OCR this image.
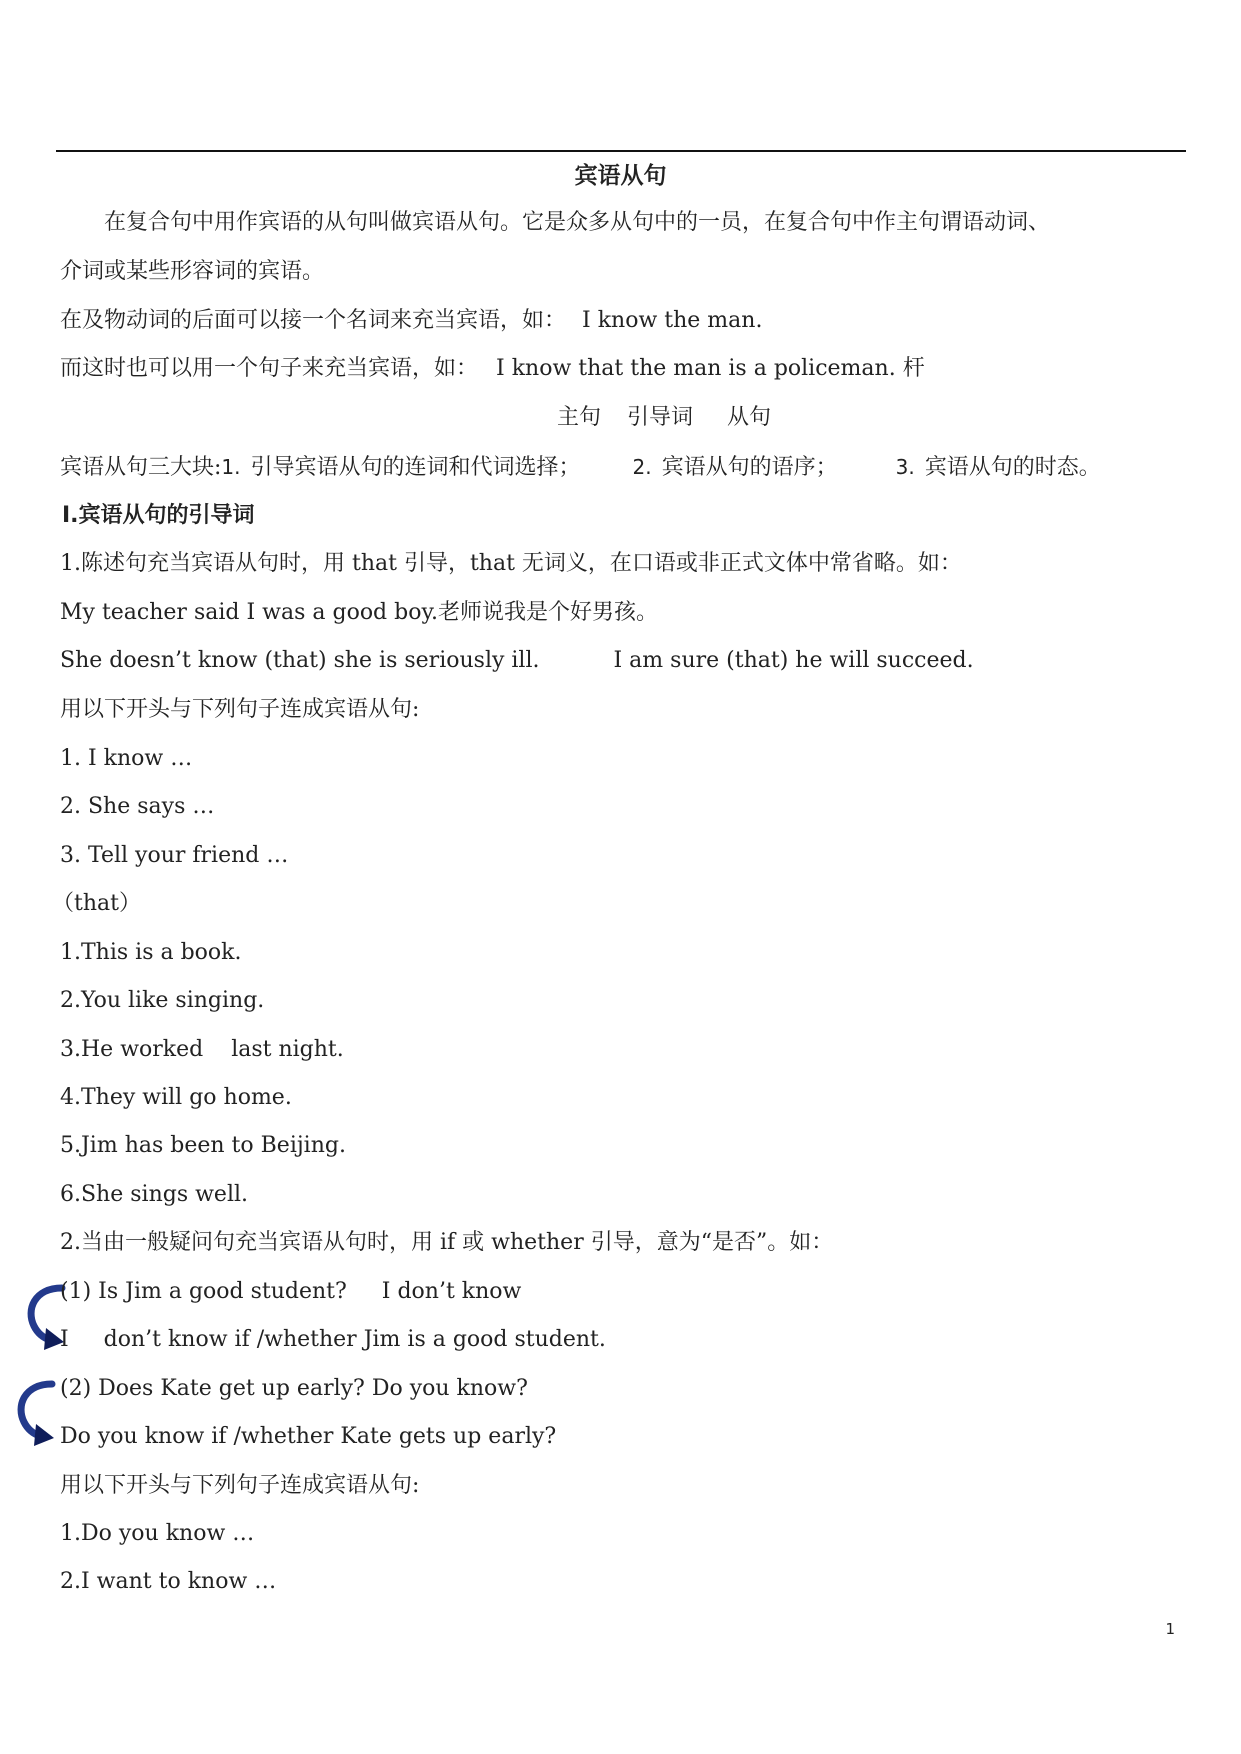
宾语从句
在复合句中用作宾语的从句叫做宾语从句。它是众多从句中的一员，在复合句中作主句谓语动词、
介词或某些形容词的宾语。
在及物动词的后面可以接一个名词来充当宾语，如： I know the man.
而这时也可以用一个句子来充当宾语，如： I know that the man is a policeman. 杆
主句 引导词 从句
宾语从句三大块:1. 引导宾语从句的连词和代词选择；	2. 宾语从句的语序；	3. 宾语从句的时态。
Ⅰ.宾语从句的引导词
1.陈述句充当宾语从句时，用 that 引导，that 无词义，在口语或非正式文体中常省略。如：
My teacher said I was a good boy.老师说我是个好男孩。
She doesn’t know (that) she is seriously ill.	I am sure (that) he will succeed.
用以下开头与下列句子连成宾语从句:
1. I know …
2. She says …
3. Tell your friend …
（that）
1.This is a book.
2.You like singing.
3.He worked    last night.
4.They will go home.
5.Jim has been to Beijing.
6.She sings well.
2.当由一般疑问句充当宾语从句时，用 if 或 whether 引导，意为“是否”。如：
(1) Is Jim a good student?     I don’t know
I     don’t know if /whether Jim is a good student.
(2) Does Kate get up early? Do you know?
Do you know if /whether Kate gets up early?
用以下开头与下列句子连成宾语从句:
1.Do you know …
2.I want to know …
1
